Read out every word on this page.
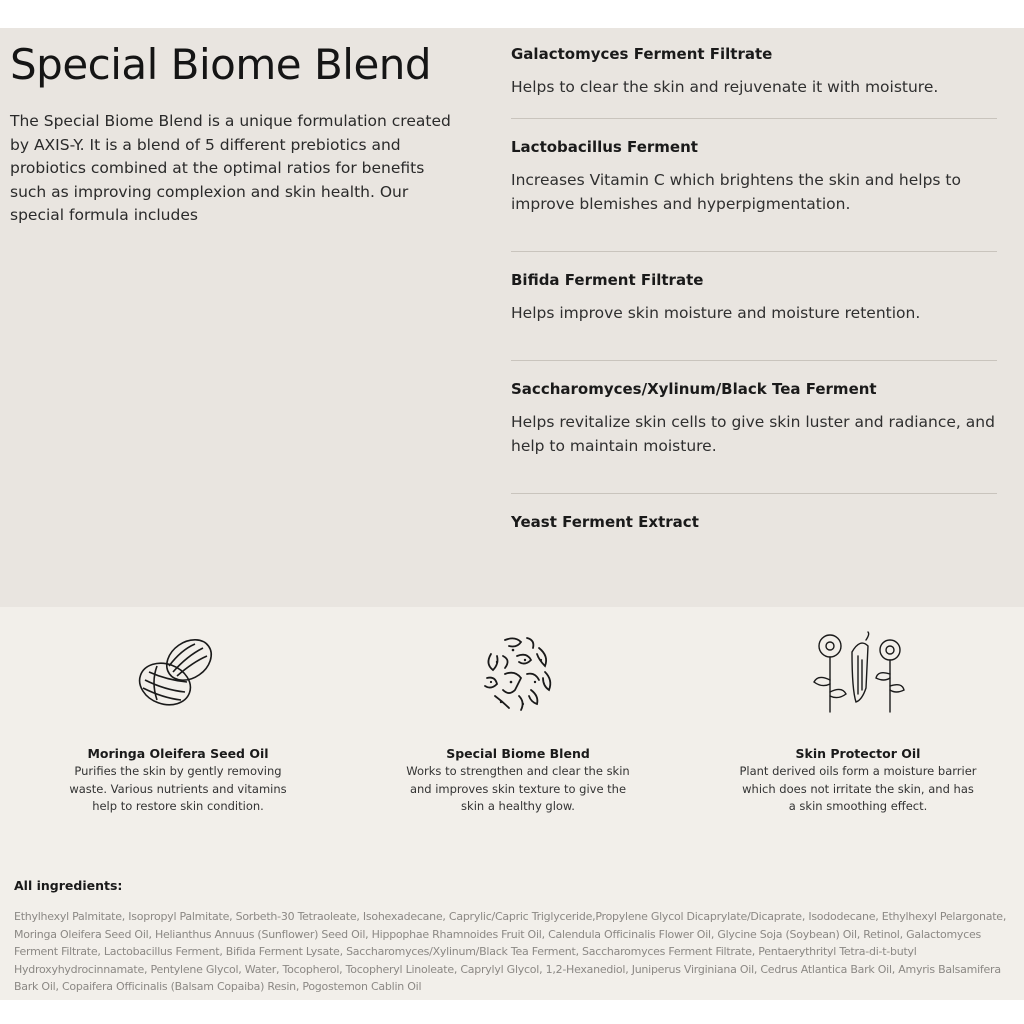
Special Biome Blend

The Special Biome Blend is a unique formulation created by AXIS-Y. It is a blend of 5 different prebiotics and probiotics combined at the optimal ratios for benefits such as improving complexion and skin health. Our special formula includes

Galactomyces Ferment Filtrate

Helps to clear the skin and rejuvenate it with moisture.

Lactobacillus Ferment

Increases Vitamin C which brightens the skin and helps to improve blemishes and hyperpigmentation.

Bifida Ferment Filtrate

Helps improve skin moisture and moisture retention.

Saccharomyces/Xylinum/Black Tea Ferment

Helps revitalize skin cells to give skin luster and radiance, and help to maintain moisture.

Yeast Ferment Extract

Moringa Oleifera Seed Oil

Purifies the skin by gently removing waste. Various nutrients and vitamins help to restore skin condition.

Special Biome Blend

Works to strengthen and clear the skin and improves skin texture to give the skin a healthy glow.

Skin Protector Oil

Plant derived oils form a moisture barrier which does not irritate the skin, and has a skin smoothing effect.

All ingredients:

Ethylhexyl Palmitate, Isopropyl Palmitate, Sorbeth-30 Tetraoleate, Isohexadecane, Caprylic/Capric Triglyceride,Propylene Glycol Dicaprylate/Dicaprate, Isododecane, Ethylhexyl Pelargonate, Moringa Oleifera Seed Oil, Helianthus Annuus (Sunflower) Seed Oil, Hippophae Rhamnoides Fruit Oil, Calendula Officinalis Flower Oil, Glycine Soja (Soybean) Oil, Retinol, Galactomyces Ferment Filtrate, Lactobacillus Ferment, Bifida Ferment Lysate, Saccharomyces/Xylinum/Black Tea Ferment, Saccharomyces Ferment Filtrate, Pentaerythrityl Tetra-di-t-butyl Hydroxyhydrocinnamate, Pentylene Glycol, Water, Tocopherol, Tocopheryl Linoleate, Caprylyl Glycol, 1,2-Hexanediol, Juniperus Virginiana Oil, Cedrus Atlantica Bark Oil, Amyris Balsamifera Bark Oil, Copaifera Officinalis (Balsam Copaiba) Resin, Pogostemon Cablin Oil
